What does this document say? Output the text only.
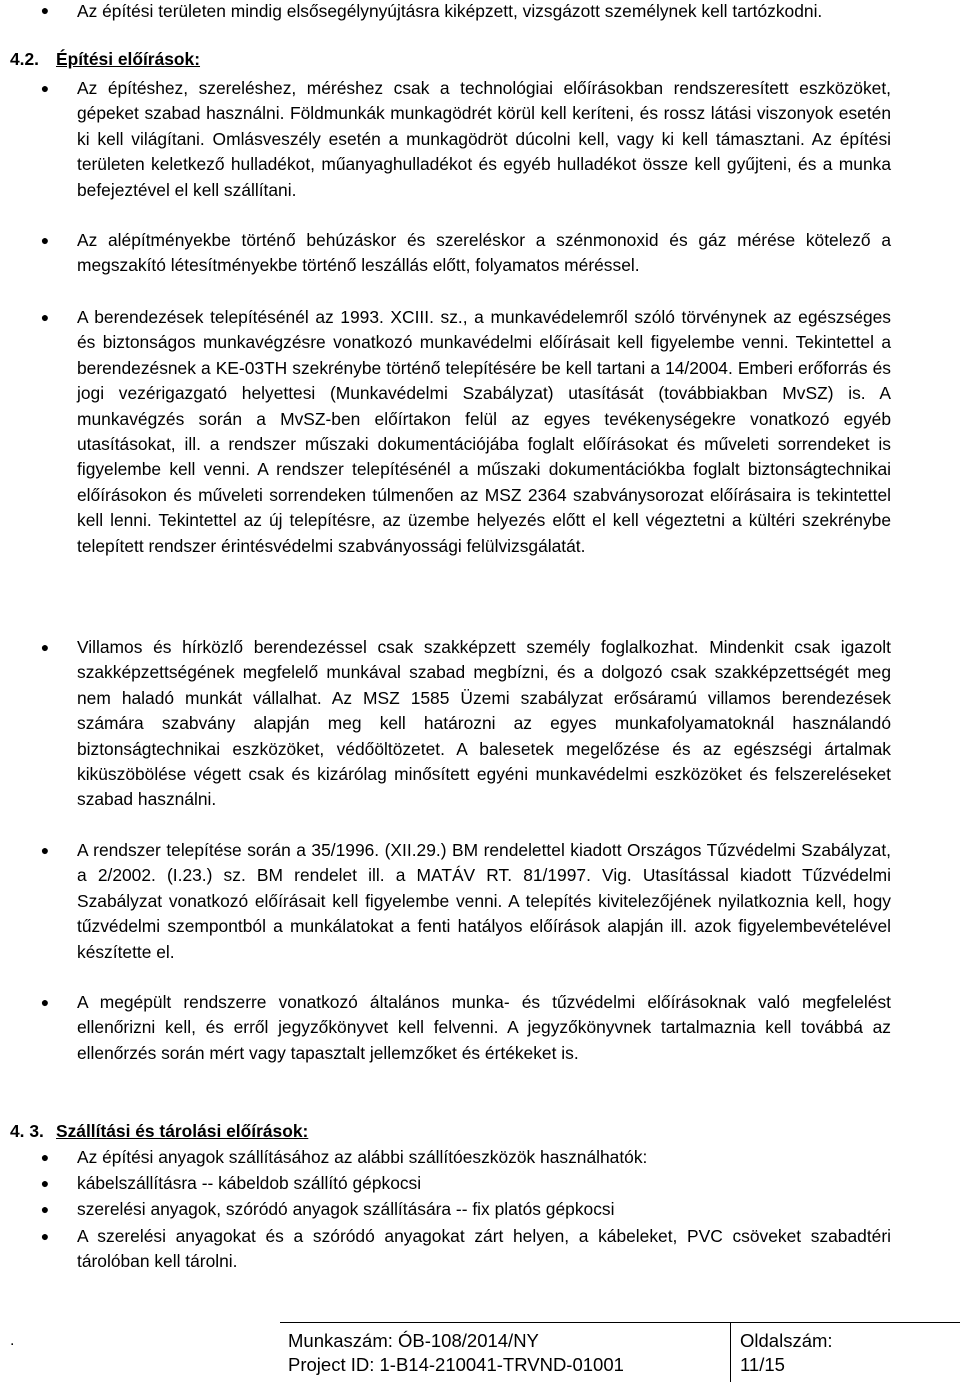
● Az építési területen mindig elsősegélynyújtásra kiképzett, vizsgázott személynek kell tartózkodni.

4.2. Építési előírások:
● Az építéshez, szereléshez, méréshez csak a technológiai előírásokban rendszeresített eszközöket, gépeket szabad használni. Földmunkák munkagödrét körül kell keríteni, és rossz látási viszonyok esetén ki kell világítani. Omlásveszély esetén a munkagödröt dúcolni kell, vagy ki kell támasztani. Az építési területen keletkező hulladékot, műanyaghulladékot és egyéb hulladékot össze kell gyűjteni, és a munka befejeztével el kell szállítani.

● Az alépítményekbe történő behúzáskor és szereléskor a szénmonoxid és gáz mérése kötelező a megszakító létesítményekbe történő leszállás előtt, folyamatos méréssel.

● A berendezések telepítésénél az 1993. XCIII. sz., a munkavédelemről szóló törvénynek az egészséges és biztonságos munkavégzésre vonatkozó munkavédelmi előírásait kell figyelembe venni. Tekintettel a berendezésnek a KE-03TH szekrénybe történő telepítésére be kell tartani a 14/2004. Emberi erőforrás és jogi vezérigazgató helyettesi (Munkavédelmi Szabályzat) utasítását (továbbiakban MvSZ) is. A munkavégzés során a MvSZ-ben előírtakon felül az egyes tevékenységekre vonatkozó egyéb utasításokat, ill. a rendszer műszaki dokumentációjába foglalt előírásokat és műveleti sorrendeket is figyelembe kell venni. A rendszer telepítésénél a műszaki dokumentációkba foglalt biztonságtechnikai előírásokon és műveleti sorrendeken túlmenően az MSZ 2364 szabványsorozat előírásaira is tekintettel kell lenni. Tekintettel az új telepítésre, az üzembe helyezés előtt el kell végeztetni a kültéri szekrénybe telepített rendszer érintésvédelmi szabványossági felülvizsgálatát.

● Villamos és hírközlő berendezéssel csak szakképzett személy foglalkozhat. Mindenkit csak igazolt szakképzettségének megfelelő munkával szabad megbízni, és a dolgozó csak szakképzettségét meg nem haladó munkát vállalhat. Az MSZ 1585 Üzemi szabályzat erősáramú villamos berendezések számára szabvány alapján meg kell határozni az egyes munkafolyamatoknál használandó biztonságtechnikai eszközöket, védőöltözetet. A balesetek megelőzése és az egészségi ártalmak kiküszöbölése végett csak és kizárólag minősített egyéni munkavédelmi eszközöket és felszereléseket szabad használni.

● A rendszer telepítése során a 35/1996. (XII.29.) BM rendelettel kiadott Országos Tűzvédelmi Szabályzat, a 2/2002. (I.23.) sz. BM rendelet ill. a MATÁV RT. 81/1997. Vig. Utasítással kiadott Tűzvédelmi Szabályzat vonatkozó előírásait kell figyelembe venni. A telepítés kivitelezőjének nyilatkoznia kell, hogy tűzvédelmi szempontból a munkálatokat a fenti hatályos előírások alapján ill. azok figyelembevételével készítette el.

● A megépült rendszerre vonatkozó általános munka- és tűzvédelmi előírásoknak való megfelelést ellenőrizni kell, és erről jegyzőkönyvet kell felvenni. A jegyzőkönyvnek tartalmaznia kell továbbá az ellenőrzés során mért vagy tapasztalt jellemzőket és értékeket is.

4. 3. Szállítási és tárolási előírások:
● Az építési anyagok szállításához az alábbi szállítóeszközök használhatók:

● kábelszállításra -- kábeldob szállító gépkocsi

● szerelési anyagok, szóródó anyagok szállítására -- fix platós gépkocsi

● A szerelési anyagokat és a szóródó anyagokat zárt helyen, a kábeleket, PVC csöveket szabadtéri tárolóban kell tárolni.

.	Munkaszám: ÓB-108/2014/NY
Project ID: 1-B14-210041-TRVND-01001
Oldalszám:
11/15
